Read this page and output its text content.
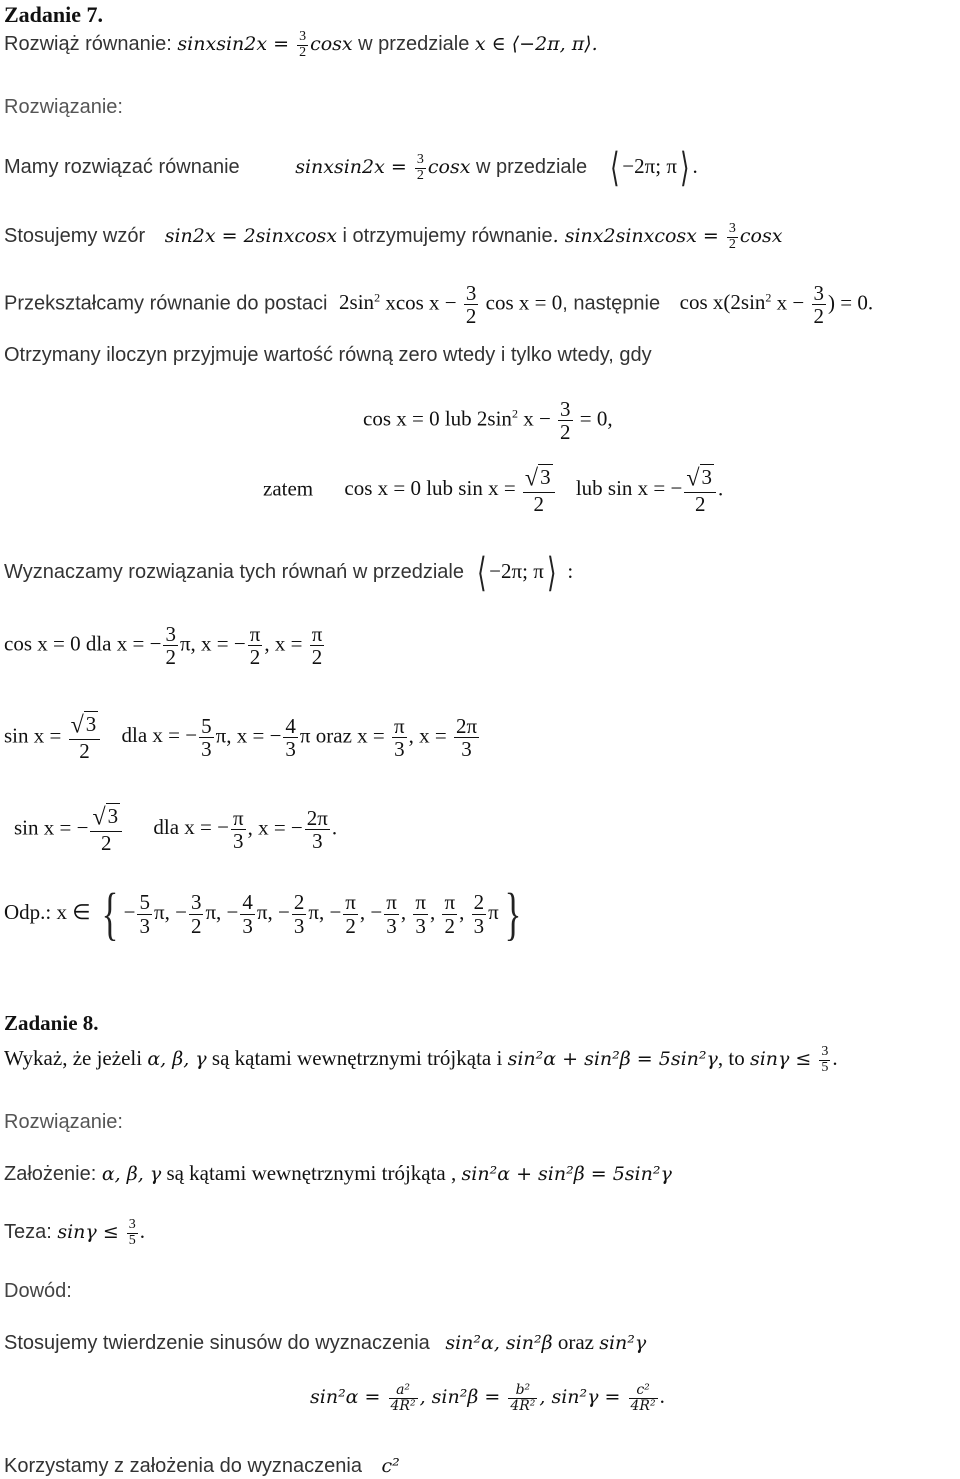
Zadanie 7.
Rozwiąż równanie: sinxsin2x = $\frac{3}{2}$ cosx w przedziale x ∈ ⟨−2π, π⟩.
Rozwiązanie:
Mamy rozwiązać równanie	sinxsin2x = $\frac{3}{2}$ cosx w przedziale ⟨ −2π; π⟩ .
Stosujemy wzór sin2x = 2sinxcosx i otrzymujemy równanie. sinx2sinxcosx = $\frac{3}{2}$ cosx
Przekształcamy równanie do postaci $2\sin^2$ xcos $x - \frac{3}{2}$ cos x = 0, następnie $\cos x(2\sin^2$ $x - \frac{3}{2}$ ) = 0.
Otrzymany iloczyn przyjmuje wartość równą zero wtedy i tylko wtedy, gdy
cos x = 0 lub $2\sin^2$ $x - \frac{3}{2} = 0$,
zatem cos x = 0 lub $\sin x = \frac{√3}{2}$ lub sin x = − $\frac{√3}{2}$ .
Wyznaczamy rozwiązania tych równań w przedziale ⟨ −2π; π⟩ :
cos x = 0 dla x = − $\frac{3}{2} \pi$, x = − $\frac{\pi}{2}$ , $x = \frac{\pi}{2}$
$\sin x = \frac{√3}{2}$ dla x = − $\frac{5}{3} \pi$, x = − $\frac{4}{3}$ π oraz $x = \frac{\pi}{3}$ , $x = \frac{2\pi}{3}$
sin x = − $\frac{√3}{2}$ dla x = − $\frac{\pi}{3}$ , x = − $\frac{2\pi}{3}$ .
Odp.: x ∈ { − $\frac{5}{3} \pi$, − $\frac{3}{2} \pi$, − $\frac{4}{3} \pi$, − $\frac{2}{3} \pi$, − $\frac{\pi}{2}$ , − $\frac{\pi}{3}$ , $\frac{\pi}{3}$ , $\frac{\pi}{2}$ , $\frac{2}{3} \pi$}
Zadanie 8.
Wykaż, że jeżeli α, β, γ są kątami wewnętrznymi trójkąta i sin²α + sin²β = 5sin²γ, to $\sin\gamma \le \frac{3}{5}$ .
Rozwiązanie:
Założenie: α, β, γ są kątami wewnętrznymi trójkąta , sin²α + sin²β = 5sin²γ
Teza: $\sin\gamma \le \frac{3}{5}$ .
Dowód:
Stosujemy twierdzenie sinusów do wyznaczenia sin²α, sin²β oraz sin²γ
$\sin^2\alpha = \frac{\text{a²}}{\text{4R²}}$ , $\sin^2\beta = \frac{\text{b²}}{\text{4R²}}$ , $\sin^2\gamma = \frac{\text{c²}}{\text{4R²}}$ .
Korzystamy z założenia do wyznaczenia c²
